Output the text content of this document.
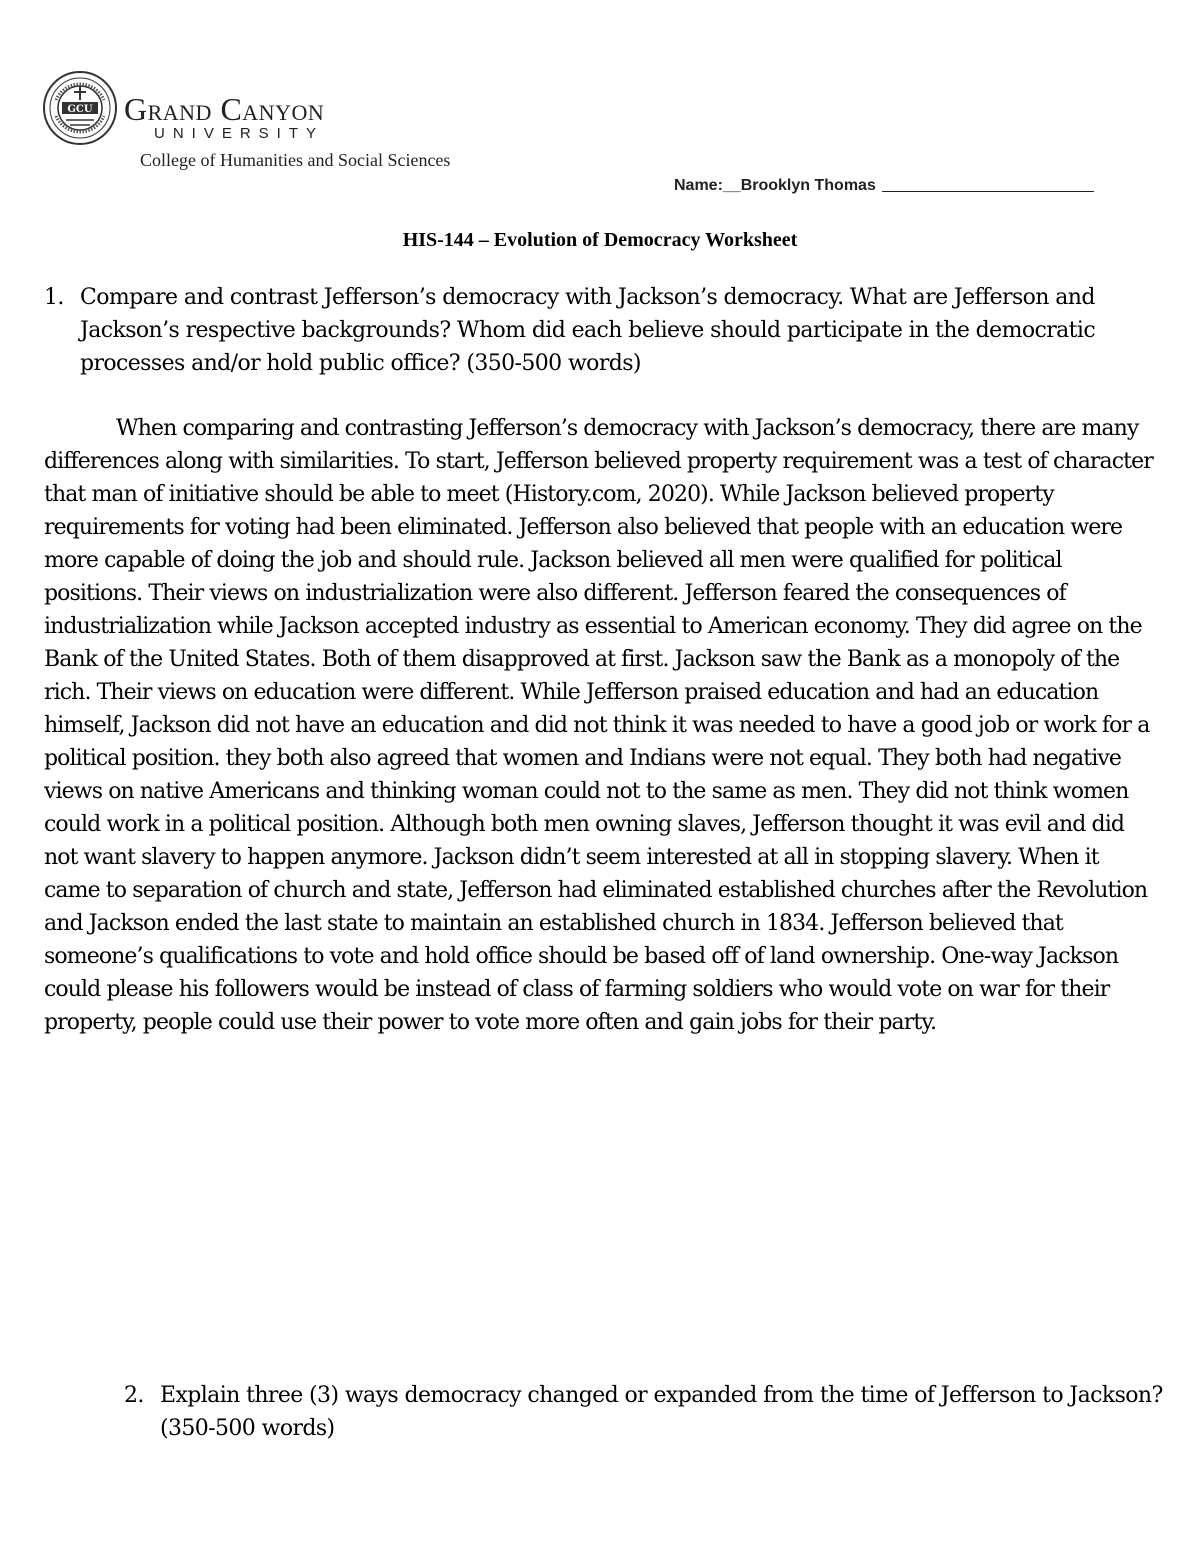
GCU Grand Canyon
UNIVERSITY
College of Humanities and Social Sciences
Name:__Brooklyn Thomas
HIS-144 – Evolution of Democracy Worksheet
1. Compare and contrast Jefferson’s democracy with Jackson’s democracy. What are Jefferson and Jackson’s respective backgrounds? Whom did each believe should participate in the democratic processes and/or hold public office? (350-500 words)

When comparing and contrasting Jefferson’s democracy with Jackson’s democracy, there are many differences along with similarities. To start, Jefferson believed property requirement was a test of character that man of initiative should be able to meet (History.com, 2020). While Jackson believed property requirements for voting had been eliminated. Jefferson also believed that people with an education were more capable of doing the job and should rule. Jackson believed all men were qualified for political positions. Their views on industrialization were also different. Jefferson feared the consequences of industrialization while Jackson accepted industry as essential to American economy. They did agree on the Bank of the United States. Both of them disapproved at first. Jackson saw the Bank as a monopoly of the rich. Their views on education were different. While Jefferson praised education and had an education himself, Jackson did not have an education and did not think it was needed to have a good job or work for a political position. they both also agreed that women and Indians were not equal. They both had negative views on native Americans and thinking woman could not to the same as men. They did not think women could work in a political position. Although both men owning slaves, Jefferson thought it was evil and did not want slavery to happen anymore. Jackson didn’t seem interested at all in stopping slavery. When it came to separation of church and state, Jefferson had eliminated established churches after the Revolution and Jackson ended the last state to maintain an established church in 1834. Jefferson believed that someone’s qualifications to vote and hold office should be based off of land ownership. One-way Jackson could please his followers would be instead of class of farming soldiers who would vote on war for their property, people could use their power to vote more often and gain jobs for their party.

2. Explain three (3) ways democracy changed or expanded from the time of Jefferson to Jackson? (350-500 words)
